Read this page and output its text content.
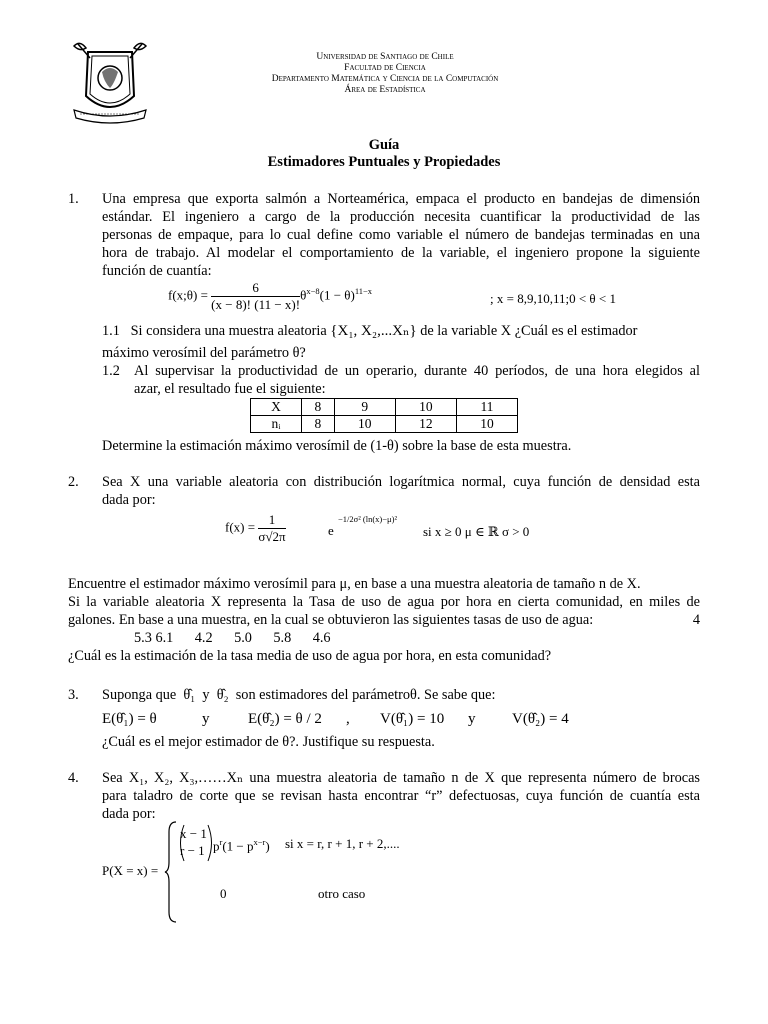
Universidad de Santiago de Chile
Facultad de Ciencia
Departamento Matemática y Ciencia de la Computación
Área de Estadística
Guía
Estimadores Puntuales y Propiedades
1. Una empresa que exporta salmón a Norteamérica, empaca el producto en bandejas de dimensión
estándar. El ingeniero a cargo de la producción necesita cuantificar la productividad de las
personas de empaque, para lo cual define como variable el número de bandejas terminadas en una
hora de trabajo. Al modelar el comportamiento de la variable, el ingeniero propone la siguiente
función de cuantía:
f(x;θ) = $\frac{6}{(x - 8)! (11 - x)!} \theta^{x-8}(1 - \theta)^{11-x}$	; x = 8,9,10,11;0 < θ < 1
1.1 Si considera una muestra aleatoria {X₁, X₂,...Xₙ} de la variable X ¿Cuál es el estimador
máximo verosímil del parámetro θ?
1.2 Al supervisar la productividad de un operario, durante 40 períodos, de una hora elegidos al
azar, el resultado fue el siguiente:
X	8	9	10	11
nᵢ	8	10	12	10
Determine la estimación máximo verosímil de (1-θ) sobre la base de esta muestra.
2. Sea X una variable aleatoria con distribución logarítmica normal, cuya función de densidad esta
dada por:
$f(x) = \frac{1}{\sigma√2\pi}$	e
−1/2σ² (ln(x)−μ)²
si x ≥ 0 μ ∈ ℝ σ > 0
Encuentre el estimador máximo verosímil para μ, en base a una muestra aleatoria de tamaño n de X.
Si la variable aleatoria X representa la Tasa de uso de agua por hora en cierta comunidad, en miles de
galones. En base a una muestra, en la cual se obtuvieron las siguientes tasas de uso de agua:	4
5.3 6.1      4.2      5.0      5.8      4.6
¿Cuál es la estimación de la tasa media de uso de agua por hora, en esta comunidad?
3. Suponga que θ̂₁ y θ̂₂ son estimadores del parámetroθ. Se sabe que:
E(θ̂₁) = θ	y	E(θ̂₂) = θ / 2 , V(θ̂₁) = 10 y V(θ̂₂) = 4
¿Cuál es el mejor estimador de θ?. Justifique su respuesta.
4. Sea X₁, X₂, X₃,……Xₙ una muestra aleatoria de tamaño n de X que representa número de brocas
para taladro de corte que se revisan hasta encontrar “r” defectuosas, cuya función de cuantía esta
dada por:
P(X = x) =
x − 1
r − 1 $p^r(1 - p^{x-r})$ si x = r, r + 1, r + 2,....
0	otro caso
